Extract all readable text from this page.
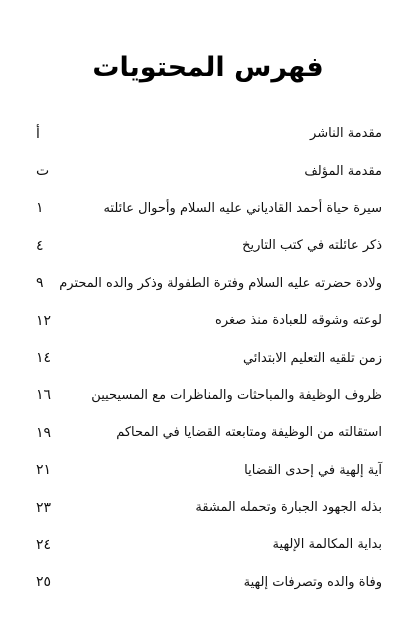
فهرس المحتويات
مقدمة الناشر
أ
مقدمة المؤلف
ت
سيرة حياة أحمد القادياني عليه السلام وأحوال عائلته
١
ذكر عائلته في كتب التاريخ
٤
ولادة حضرته عليه السلام وفترة الطفولة وذكر والده المحترم
٩
لوعته وشوقه للعبادة منذ صغره
١٢
زمن تلقيه التعليم الابتدائي
١٤
ظروف الوظيفة والمباحثات والمناظرات مع المسيحيين
١٦
استقالته من الوظيفة ومتابعته القضايا في المحاكم
١٩
آية إلهية في إحدى القضايا
٢١
بذله الجهود الجبارة وتحمله المشقة
٢٣
بداية المكالمة الإلهية
٢٤
وفاة والده وتصرفات إلهية
٢٥
